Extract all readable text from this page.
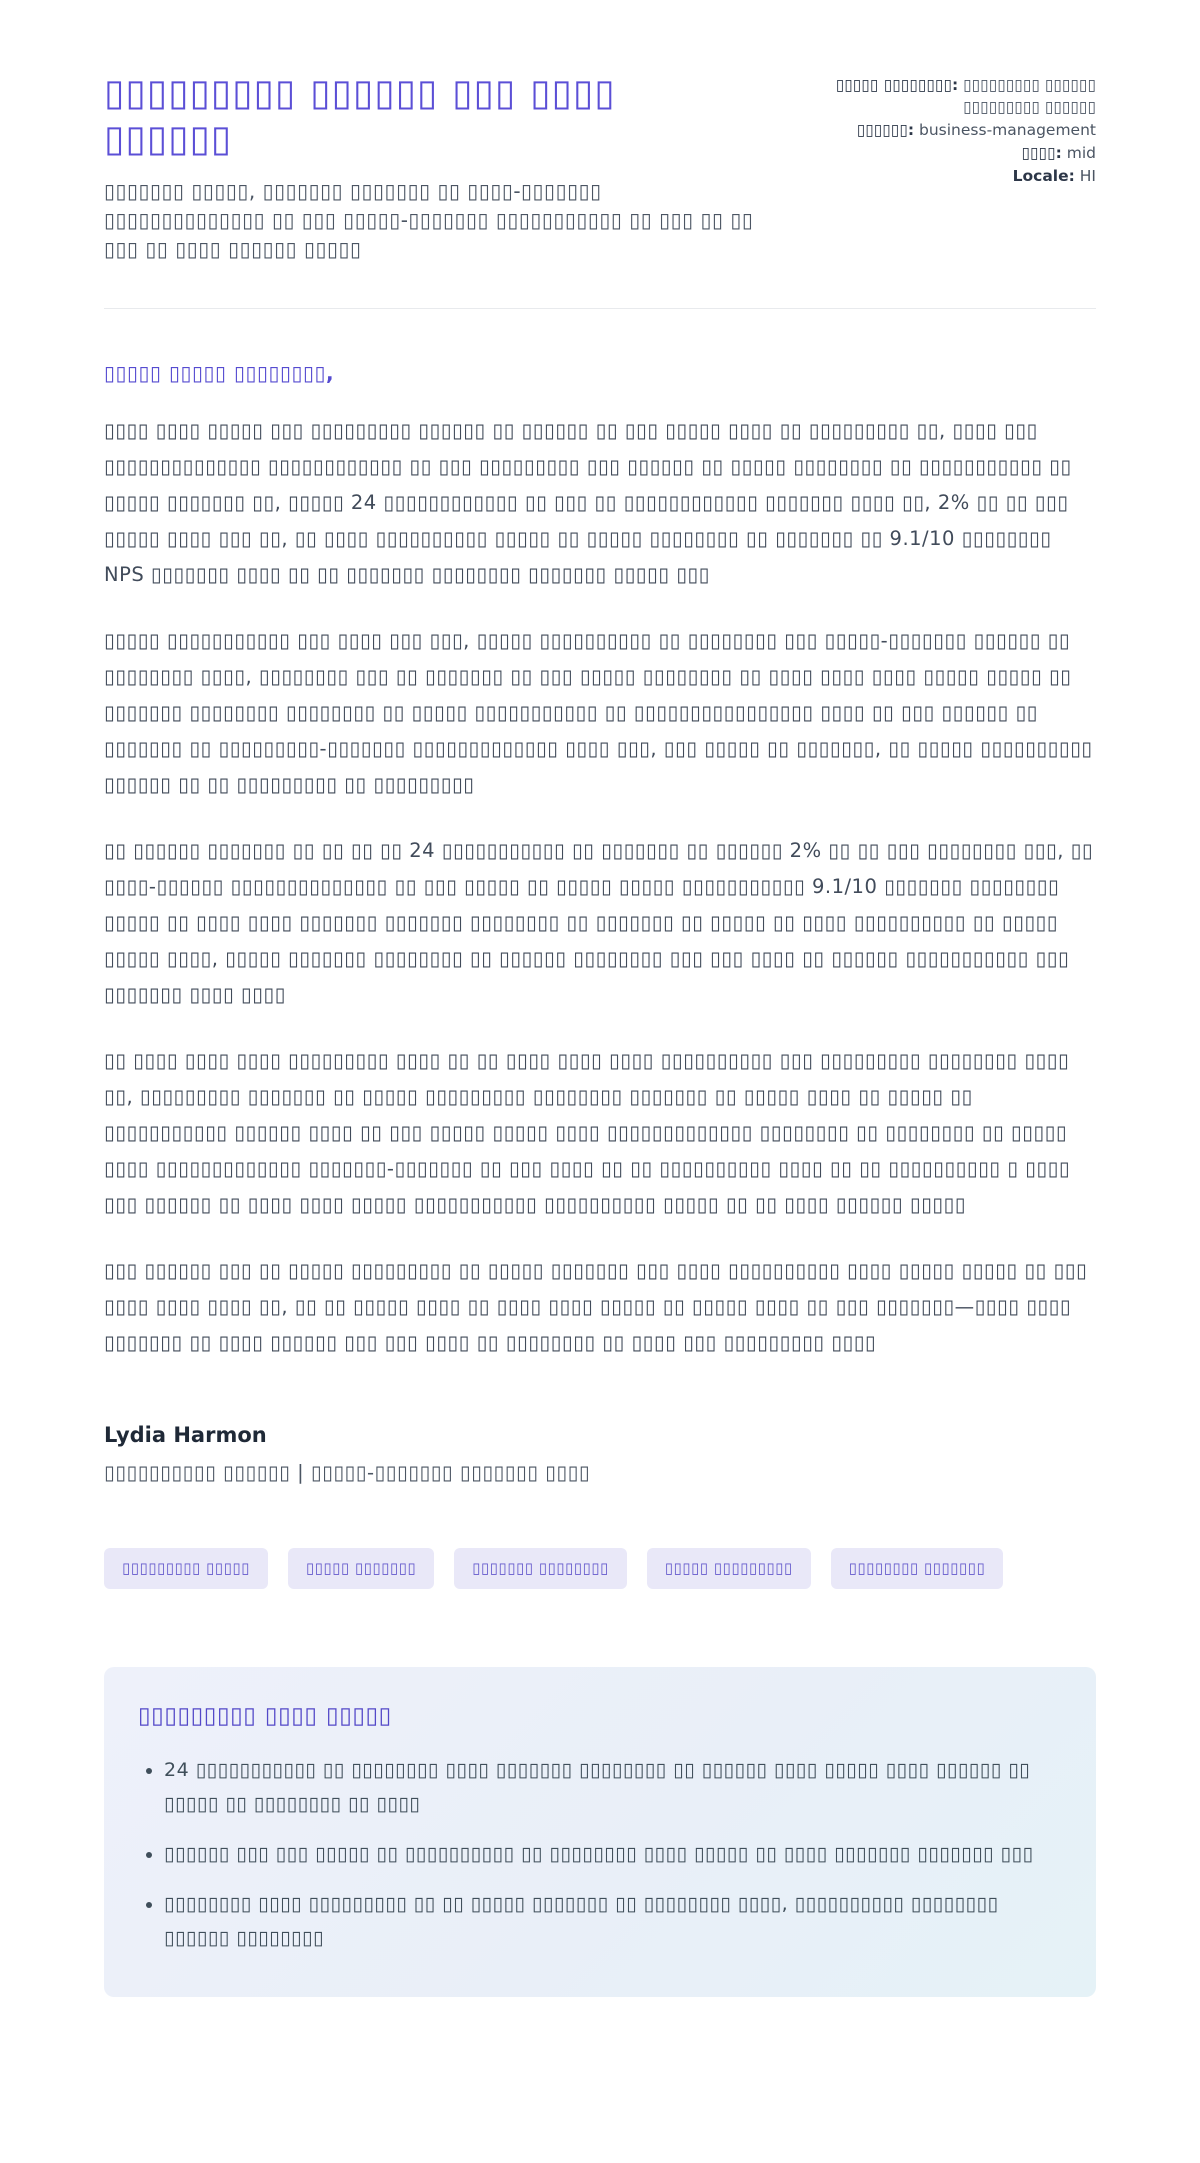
▯▯▯▯▯▯▯▯▯ ▯▯▯▯▯▯ ▯▯▯ ▯▯▯▯ ▯▯▯▯▯▯

▯▯▯▯▯▯▯ ▯▯▯▯▯, ▯▯▯▯▯▯▯ ▯▯▯▯▯▯▯ ▯▯ ▯▯▯▯-▯▯▯▯▯▯▯ ▯▯▯▯▯▯▯▯▯▯▯▯▯▯ ▯▯ ▯▯▯ ▯▯▯▯▯-▯▯▯▯▯▯▯ ▯▯▯▯▯▯▯▯▯▯▯ ▯▯ ▯▯▯ ▯▯ ▯▯ ▯▯▯ ▯▯ ▯▯▯▯ ▯▯▯▯▯▯ ▯▯▯▯▯

▯▯▯▯▯ ▯▯▯▯▯▯▯▯: ▯▯▯▯▯▯▯▯▯ ▯▯▯▯▯▯ ▯▯▯▯▯▯▯▯▯ ▯▯▯▯▯▯
▯▯▯▯▯▯: business-management
▯▯▯▯: mid
Locale: HI

▯▯▯▯▯ ▯▯▯▯▯ ▯▯▯▯▯▯▯▯,

▯▯▯▯ ▯▯▯▯ ▯▯▯▯▯ ▯▯▯ ▯▯▯▯▯▯▯▯▯ ▯▯▯▯▯▯ ▯▯ ▯▯▯▯▯▯ ▯▯ ▯▯▯ ▯▯▯▯▯ ▯▯▯▯ ▯▯ ▯▯▯▯▯▯▯▯▯ ▯▯, ▯▯▯▯ ▯▯▯ ▯▯▯▯▯▯▯▯▯▯▯▯▯▯ ▯▯▯▯▯▯▯▯▯▯▯▯ ▯▯ ▯▯▯ ▯▯▯▯▯▯▯▯▯ ▯▯▯ ▯▯▯▯▯▯ ▯▯ ▯▯▯▯▯ ▯▯▯▯▯▯▯▯ ▯▯ ▯▯▯▯▯▯▯▯▯▯▯ ▯▯ ▯▯▯▯▯ ▯▯▯▯▯▯▯ ▯▯, ▯▯▯▯▯ 24 ▯▯▯▯▯▯▯▯▯▯▯▯ ▯▯ ▯▯▯ ▯▯ ▯▯▯▯▯▯▯▯▯▯▯▯ ▯▯▯▯▯▯▯ ▯▯▯▯ ▯▯, 2% ▯▯ ▯▯ ▯▯▯ ▯▯▯▯▯ ▯▯▯▯ ▯▯▯ ▯▯, ▯▯ ▯▯▯▯ ▯▯▯▯▯▯▯▯▯▯ ▯▯▯▯▯ ▯▯ ▯▯▯▯▯ ▯▯▯▯▯▯▯▯ ▯▯ ▯▯▯▯▯▯▯ ▯▯ 9.1/10 ▯▯▯▯▯▯▯▯ NPS ▯▯▯▯▯▯▯ ▯▯▯▯ ▯▯ ▯▯ ▯▯▯▯▯▯▯ ▯▯▯▯▯▯▯▯ ▯▯▯▯▯▯▯ ▯▯▯▯▯ ▯▯▯

▯▯▯▯▯ ▯▯▯▯▯▯▯▯▯▯▯ ▯▯▯ ▯▯▯▯ ▯▯▯ ▯▯▯, ▯▯▯▯▯ ▯▯▯▯▯▯▯▯▯▯ ▯▯ ▯▯▯▯▯▯▯▯ ▯▯▯ ▯▯▯▯▯-▯▯▯▯▯▯▯ ▯▯▯▯▯▯ ▯▯ ▯▯▯▯▯▯▯▯ ▯▯▯▯, ▯▯▯▯▯▯▯▯ ▯▯▯ ▯▯ ▯▯▯▯▯▯▯ ▯▯ ▯▯▯ ▯▯▯▯▯ ▯▯▯▯▯▯▯▯ ▯▯ ▯▯▯▯ ▯▯▯▯ ▯▯▯▯ ▯▯▯▯▯ ▯▯▯▯▯ ▯▯ ▯▯▯▯▯▯▯ ▯▯▯▯▯▯▯▯ ▯▯▯▯▯▯▯▯ ▯▯ ▯▯▯▯▯ ▯▯▯▯▯▯▯▯▯▯▯ ▯▯ ▯▯▯▯▯▯▯▯▯▯▯▯▯▯▯▯ ▯▯▯▯ ▯▯ ▯▯▯ ▯▯▯▯▯▯ ▯▯ ▯▯▯▯▯▯▯ ▯▯ ▯▯▯▯▯▯▯▯▯-▯▯▯▯▯▯▯ ▯▯▯▯▯▯▯▯▯▯▯▯▯ ▯▯▯▯ ▯▯▯, ▯▯▯ ▯▯▯▯▯ ▯▯ ▯▯▯▯▯▯▯, ▯▯ ▯▯▯▯▯ ▯▯▯▯▯▯▯▯▯▯ ▯▯▯▯▯▯ ▯▯ ▯▯ ▯▯▯▯▯▯▯▯▯ ▯▯ ▯▯▯▯▯▯▯▯▯

▯▯ ▯▯▯▯▯▯ ▯▯▯▯▯▯▯ ▯▯ ▯▯ ▯▯ ▯▯ 24 ▯▯▯▯▯▯▯▯▯▯▯ ▯▯ ▯▯▯▯▯▯▯ ▯▯ ▯▯▯▯▯▯ 2% ▯▯ ▯▯ ▯▯▯ ▯▯▯▯▯▯▯▯ ▯▯▯, ▯▯ ▯▯▯▯-▯▯▯▯▯▯ ▯▯▯▯▯▯▯▯▯▯▯▯▯▯ ▯▯ ▯▯▯ ▯▯▯▯▯ ▯▯ ▯▯▯▯▯ ▯▯▯▯▯ ▯▯▯▯▯▯▯▯▯▯▯ 9.1/10 ▯▯▯▯▯▯▯ ▯▯▯▯▯▯▯▯ ▯▯▯▯▯ ▯▯ ▯▯▯▯ ▯▯▯▯ ▯▯▯▯▯▯▯ ▯▯▯▯▯▯▯ ▯▯▯▯▯▯▯▯ ▯▯ ▯▯▯▯▯▯▯ ▯▯ ▯▯▯▯▯ ▯▯ ▯▯▯▯ ▯▯▯▯▯▯▯▯▯▯ ▯▯ ▯▯▯▯▯ ▯▯▯▯▯ ▯▯▯▯, ▯▯▯▯▯ ▯▯▯▯▯▯▯ ▯▯▯▯▯▯▯▯ ▯▯ ▯▯▯▯▯▯ ▯▯▯▯▯▯▯▯ ▯▯▯ ▯▯▯ ▯▯▯▯ ▯▯ ▯▯▯▯▯▯ ▯▯▯▯▯▯▯▯▯▯▯ ▯▯▯ ▯▯▯▯▯▯▯ ▯▯▯▯ ▯▯▯▯

▯▯ ▯▯▯▯ ▯▯▯▯ ▯▯▯▯ ▯▯▯▯▯▯▯▯▯ ▯▯▯▯ ▯▯ ▯▯ ▯▯▯▯ ▯▯▯▯ ▯▯▯▯ ▯▯▯▯▯▯▯▯▯▯ ▯▯▯ ▯▯▯▯▯▯▯▯▯ ▯▯▯▯▯▯▯▯ ▯▯▯▯ ▯▯, ▯▯▯▯▯▯▯▯▯ ▯▯▯▯▯▯▯ ▯▯ ▯▯▯▯▯ ▯▯▯▯▯▯▯▯▯ ▯▯▯▯▯▯▯▯ ▯▯▯▯▯▯▯ ▯▯ ▯▯▯▯▯ ▯▯▯▯ ▯▯ ▯▯▯▯▯ ▯▯ ▯▯▯▯▯▯▯▯▯▯▯ ▯▯▯▯▯▯ ▯▯▯▯ ▯▯ ▯▯▯ ▯▯▯▯▯ ▯▯▯▯▯ ▯▯▯▯ ▯▯▯▯▯▯▯▯▯▯▯▯▯ ▯▯▯▯▯▯▯▯ ▯▯ ▯▯▯▯▯▯▯▯ ▯▯ ▯▯▯▯▯ ▯▯▯▯ ▯▯▯▯▯▯▯▯▯▯▯▯▯ ▯▯▯▯▯▯▯-▯▯▯▯▯▯▯ ▯▯ ▯▯▯ ▯▯▯▯ ▯▯ ▯▯ ▯▯▯▯▯▯▯▯▯▯ ▯▯▯▯ ▯▯ ▯▯ ▯▯▯▯▯▯▯▯▯▯ ▯ ▯▯▯▯ ▯▯▯ ▯▯▯▯▯▯ ▯▯ ▯▯▯▯ ▯▯▯▯ ▯▯▯▯▯ ▯▯▯▯▯▯▯▯▯▯▯ ▯▯▯▯▯▯▯▯▯▯ ▯▯▯▯▯ ▯▯ ▯▯ ▯▯▯▯ ▯▯▯▯▯▯ ▯▯▯▯▯

▯▯▯ ▯▯▯▯▯▯ ▯▯▯ ▯▯ ▯▯▯▯▯ ▯▯▯▯▯▯▯▯▯ ▯▯ ▯▯▯▯▯ ▯▯▯▯▯▯▯ ▯▯▯ ▯▯▯▯ ▯▯▯▯▯▯▯▯▯▯ ▯▯▯▯ ▯▯▯▯▯ ▯▯▯▯▯ ▯▯ ▯▯▯ ▯▯▯▯ ▯▯▯▯ ▯▯▯▯ ▯▯, ▯▯ ▯▯ ▯▯▯▯▯ ▯▯▯▯ ▯▯ ▯▯▯▯ ▯▯▯▯ ▯▯▯▯▯ ▯▯ ▯▯▯▯▯ ▯▯▯▯ ▯▯ ▯▯▯ ▯▯▯▯▯▯▯—▯▯▯▯ ▯▯▯▯ ▯▯▯▯▯▯▯ ▯▯ ▯▯▯▯ ▯▯▯▯▯▯ ▯▯▯ ▯▯▯ ▯▯▯▯ ▯▯ ▯▯▯▯▯▯▯▯ ▯▯ ▯▯▯▯ ▯▯▯ ▯▯▯▯▯▯▯▯▯ ▯▯▯▯

Lydia Harmon

▯▯▯▯▯▯▯▯▯▯ ▯▯▯▯▯▯ | ▯▯▯▯▯-▯▯▯▯▯▯▯ ▯▯▯▯▯▯▯ ▯▯▯▯

▯▯▯▯▯▯▯▯▯ ▯▯▯▯▯	▯▯▯▯▯ ▯▯▯▯▯▯▯	▯▯▯▯▯▯▯ ▯▯▯▯▯▯▯▯	▯▯▯▯▯ ▯▯▯▯▯▯▯▯▯	▯▯▯▯▯▯▯▯ ▯▯▯▯▯▯▯
▯▯▯▯▯▯▯▯▯ ▯▯▯▯ ▯▯▯▯▯
• 24 ▯▯▯▯▯▯▯▯▯▯▯ ▯▯ ▯▯▯▯▯▯▯▯ ▯▯▯▯ ▯▯▯▯▯▯▯ ▯▯▯▯▯▯▯▯ ▯▯ ▯▯▯▯▯▯ ▯▯▯▯ ▯▯▯▯▯ ▯▯▯▯ ▯▯▯▯▯▯ ▯▯ ▯▯▯▯▯ ▯▯ ▯▯▯▯▯▯▯▯ ▯▯ ▯▯▯▯
• ▯▯▯▯▯▯ ▯▯▯ ▯▯▯ ▯▯▯▯▯ ▯▯ ▯▯▯▯▯▯▯▯▯▯ ▯▯ ▯▯▯▯▯▯▯▯ ▯▯▯▯ ▯▯▯▯▯ ▯▯ ▯▯▯▯ ▯▯▯▯▯▯▯ ▯▯▯▯▯▯▯ ▯▯▯
• ▯▯▯▯▯▯▯▯ ▯▯▯▯ ▯▯▯▯▯▯▯▯▯ ▯▯ ▯▯ ▯▯▯▯▯ ▯▯▯▯▯▯▯ ▯▯ ▯▯▯▯▯▯▯▯ ▯▯▯▯, ▯▯▯▯▯▯▯▯▯▯ ▯▯▯▯▯▯▯▯ ▯▯▯▯▯▯ ▯▯▯▯▯▯▯▯
